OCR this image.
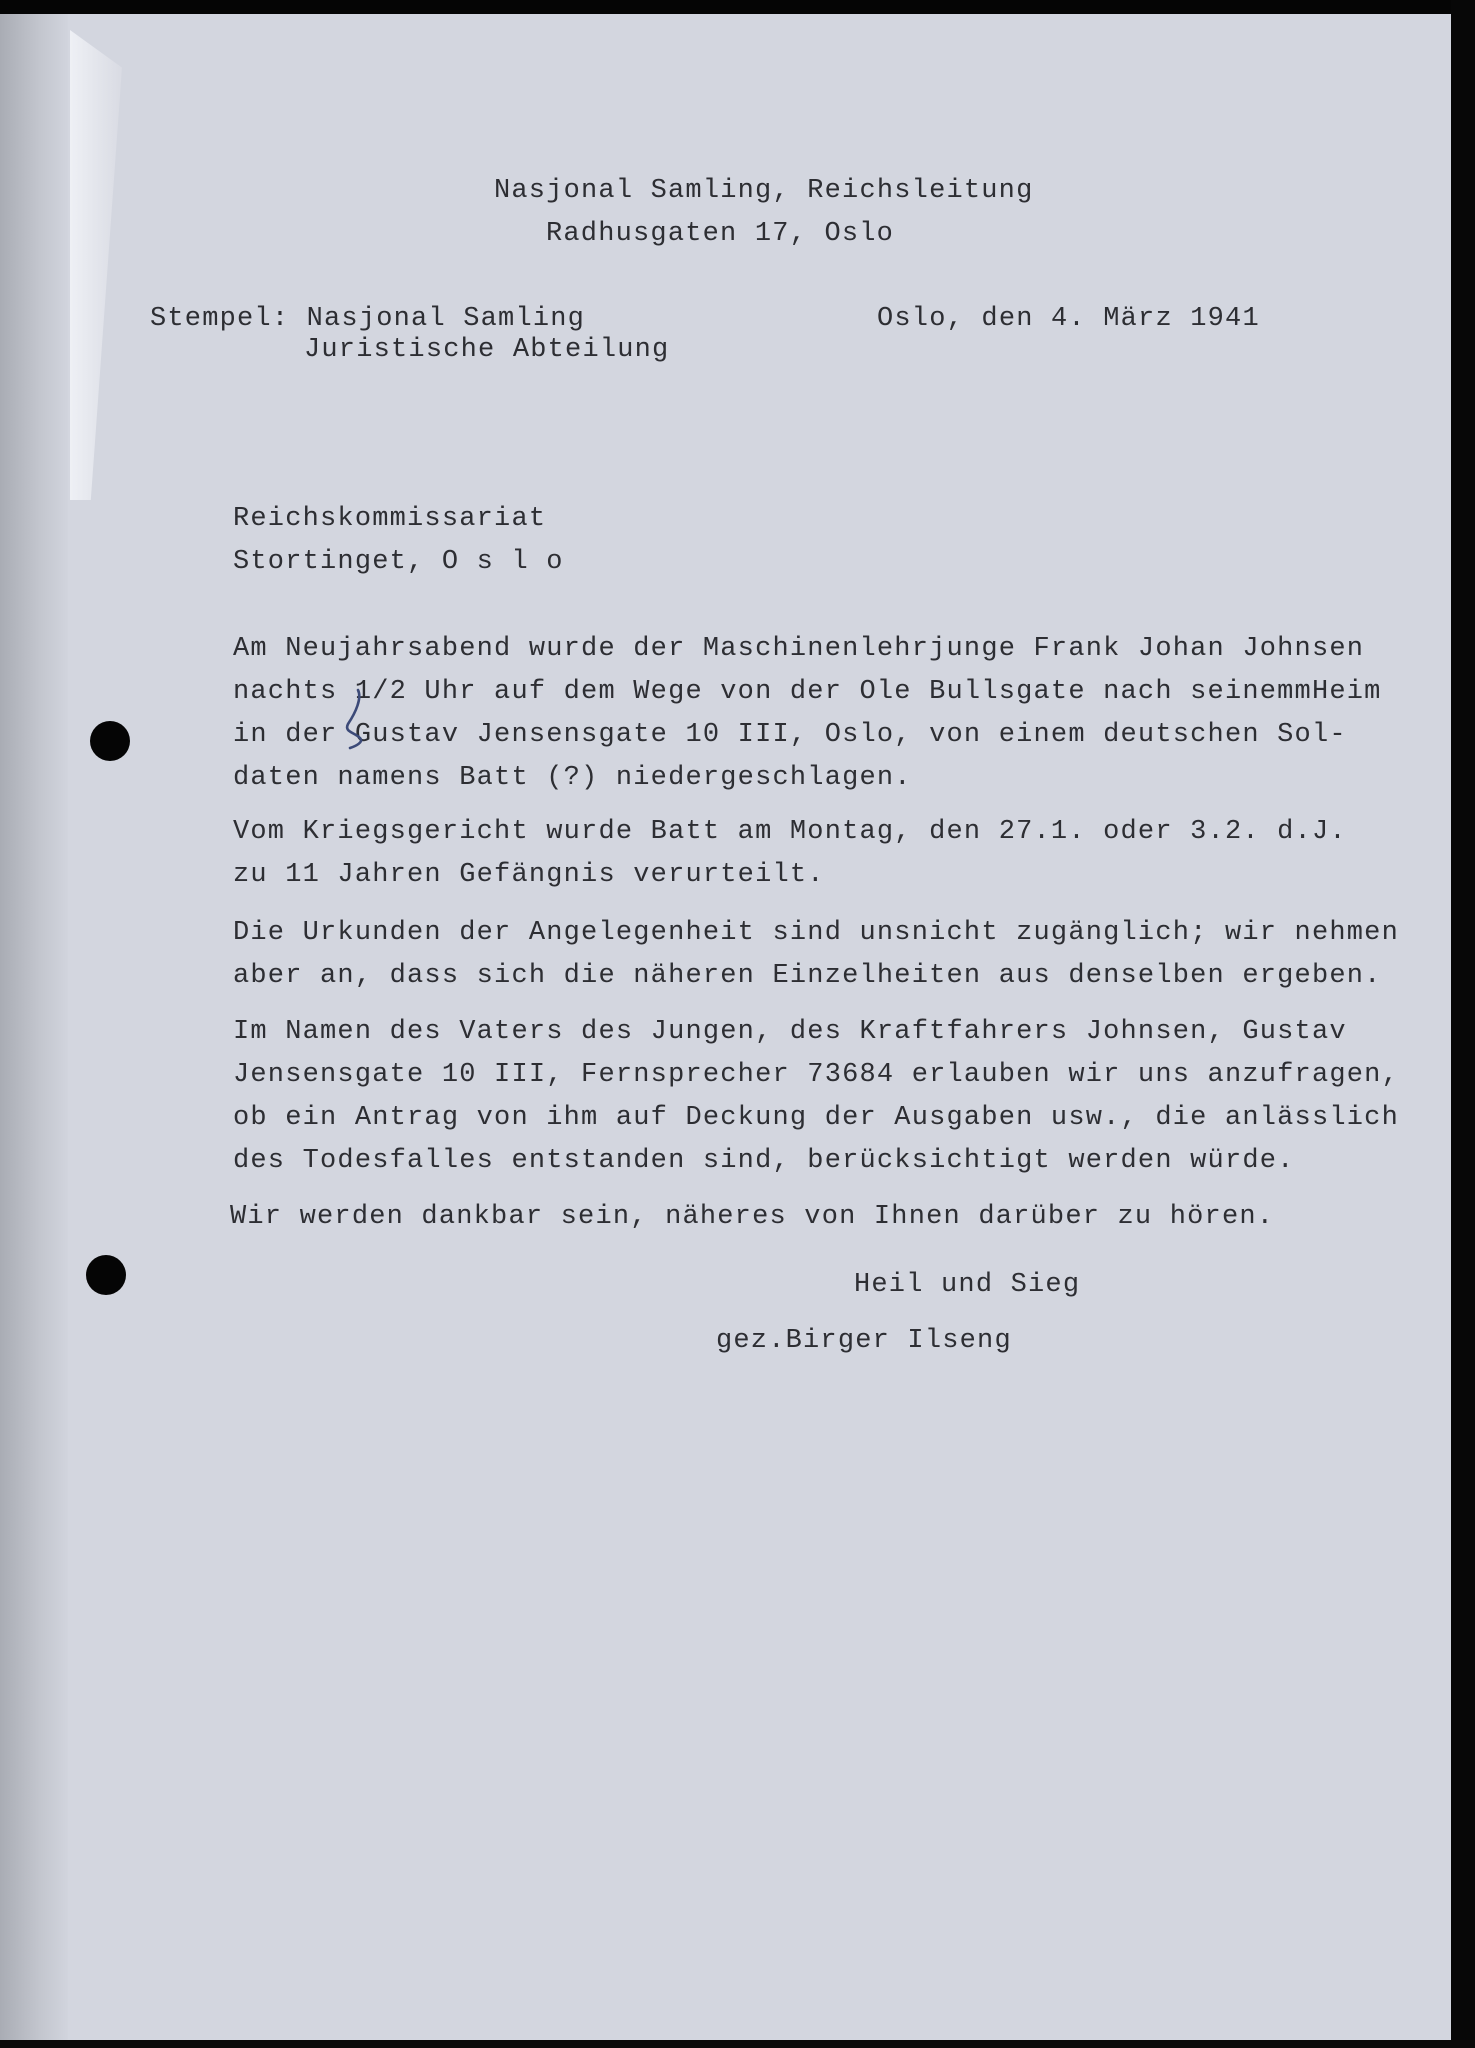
Nasjonal Samling, Reichsleitung
Radhusgaten 17, Oslo
Stempel: Nasjonal Samling
Juristische Abteilung
Oslo, den 4. März 1941
Reichskommissariat
Stortinget, O s l o
Am Neujahrsabend wurde der Maschinenlehrjunge Frank Johan Johnsen
nachts 1/2 Uhr auf dem Wege von der Ole Bullsgate nach seinemmHeim
in der Gustav Jensensgate 10 III, Oslo, von einem deutschen Sol-
daten namens Batt (?) niedergeschlagen.
Vom Kriegsgericht wurde Batt am Montag, den 27.1. oder 3.2. d.J.
zu 11 Jahren Gefängnis verurteilt.
Die Urkunden der Angelegenheit sind unsnicht zugänglich; wir nehmen
aber an, dass sich die näheren Einzelheiten aus denselben ergeben.
Im Namen des Vaters des Jungen, des Kraftfahrers Johnsen, Gustav
Jensensgate 10 III, Fernsprecher 73684 erlauben wir uns anzufragen,
ob ein Antrag von ihm auf Deckung der Ausgaben usw., die anlässlich
des Todesfalles entstanden sind, berücksichtigt werden würde.
Wir werden dankbar sein, näheres von Ihnen darüber zu hören.
Heil und Sieg
gez.Birger Ilseng
